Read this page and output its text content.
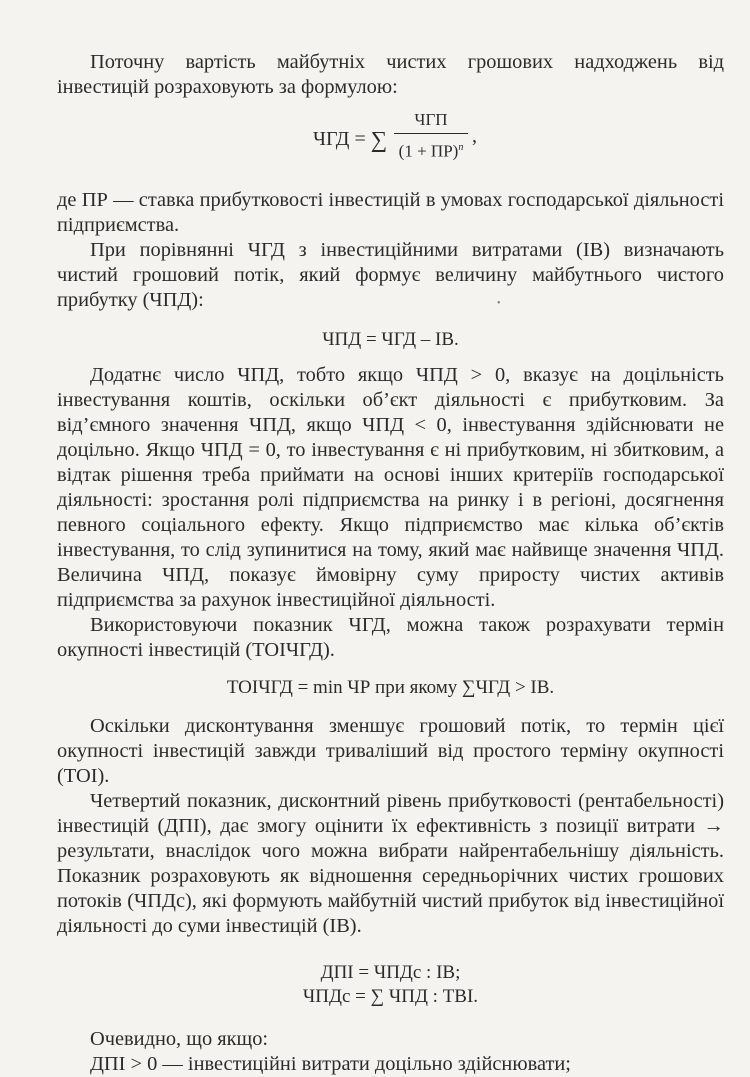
Поточну вартість майбутніх чистих грошових надходжень від інвестицій розраховують за формулою:

ЧГД = ∑
ЧГП
(1 + ПР)$^n$
,

де ПР — ставка прибутковості інвестицій в умовах господарської діяльності підприємства.

При порівнянні ЧГД з інвестиційними витратами (ІВ) визначають чистий грошовий потік, який формує величину майбутнього чистого прибутку (ЧПД):

ЧПД = ЧГД – ІВ.

Додатнє число ЧПД, тобто якщо ЧПД > 0, вказує на доцільність інвестування коштів, оскільки об’єкт діяльності є прибутковим. За від’ємного значення ЧПД, якщо ЧПД < 0, інвестування здійснювати не доцільно. Якщо ЧПД = 0, то інвестування є ні прибутковим, ні збитковим, а відтак рішення треба приймати на основі інших критеріїв господарської діяльності: зростання ролі підприємства на ринку і в регіоні, досягнення певного соціального ефекту. Якщо підприємство має кілька об’єктів інвестування, то слід зупинитися на тому, який має найвище значення ЧПД. Величина ЧПД, показує ймовірну суму приросту чистих активів підприємства за рахунок інвестиційної діяльності.

Використовуючи показник ЧГД, можна також розрахувати термін окупності інвестицій (ТОІЧГД).

ТОІЧГД = min ЧР при якому ∑ЧГД > ІВ.

Оскільки дисконтування зменшує грошовий потік, то термін цієї окупності інвестицій завжди триваліший від простого терміну окупності (ТОІ).

Четвертий показник, дисконтний рівень прибутковості (рентабельності) інвестицій (ДПІ), дає змогу оцінити їх ефективність з позиції витрати → результати, внаслідок чого можна вибрати найрентабельнішу діяльність. Показник розраховують як відношення середньорічних чистих грошових потоків (ЧПДс), які формують майбутній чистий прибуток від інвестиційної діяльності до суми інвестицій (ІВ).

ДПІ = ЧПДс : ІВ;
ЧПДс = ∑ ЧПД : ТВІ.

Очевидно, що якщо:

ДПІ > 0 — інвестиційні витрати доцільно здійснювати;

•
